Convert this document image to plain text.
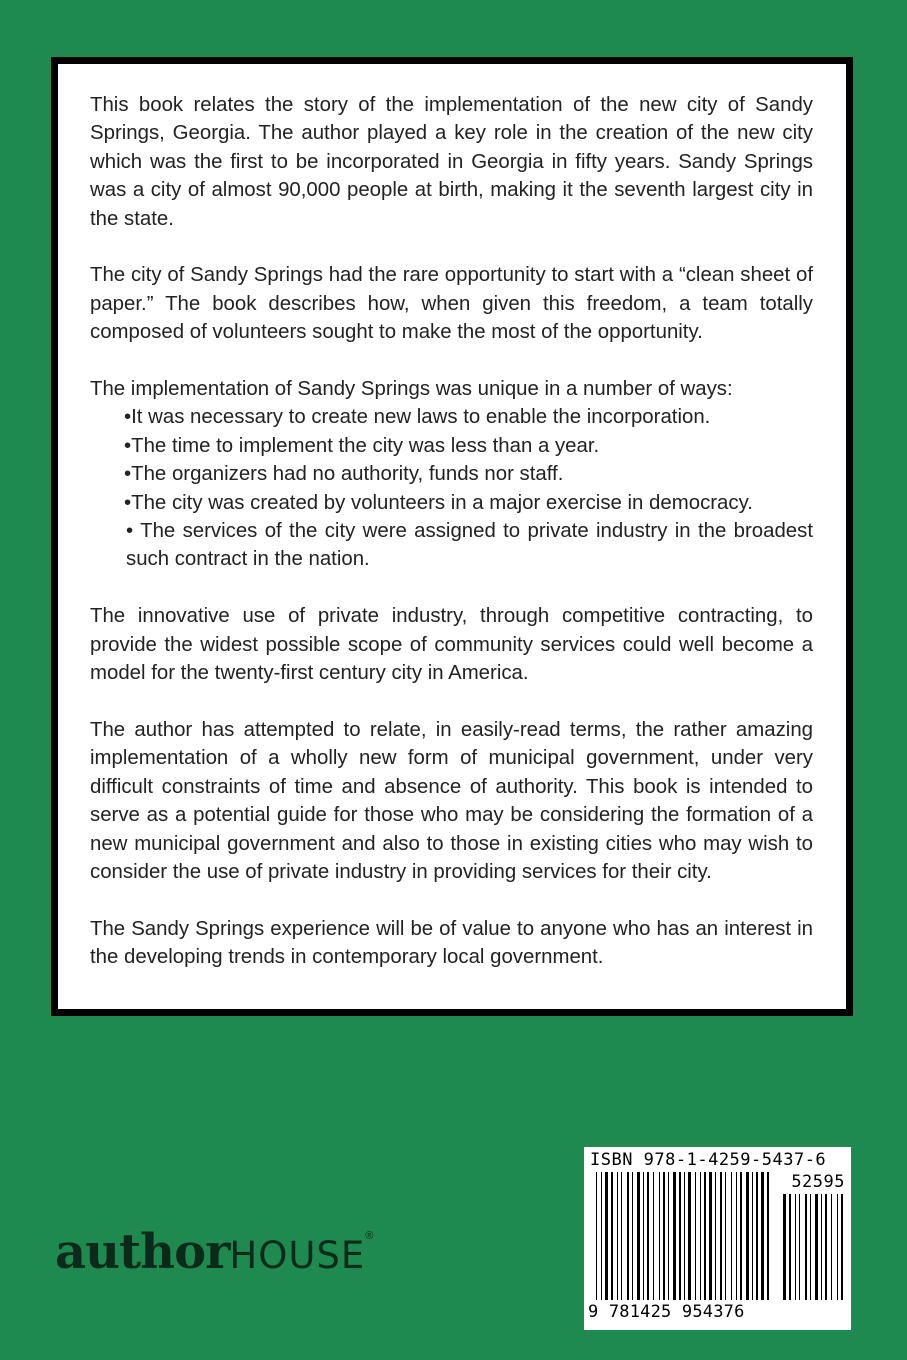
This book relates the story of the implementation of the new city of Sandy Springs, Georgia. The author played a key role in the creation of the new city which was the first to be incorporated in Georgia in fifty years. Sandy Springs was a city of almost 90,000 people at birth, making it the seventh largest city in the state.

The city of Sandy Springs had the rare opportunity to start with a “clean sheet of paper.” The book describes how, when given this freedom, a team totally composed of volunteers sought to make the most of the opportunity.

The implementation of Sandy Springs was unique in a number of ways:

•It was necessary to create new laws to enable the incorporation.
•The time to implement the city was less than a year.
•The organizers had no authority, funds nor staff.
•The city was created by volunteers in a major exercise in democracy.
• The services of the city were assigned to private industry in the broadest such contract in the nation.

The innovative use of private industry, through competitive contracting, to provide the widest possible scope of community services could well become a model for the twenty-first century city in America.

The author has attempted to relate, in easily-read terms, the rather amazing implementation of a wholly new form of municipal government, under very difficult constraints of time and absence of authority. This book is intended to serve as a potential guide for those who may be considering the formation of a new municipal government and also to those in existing cities who may wish to consider the use of private industry in providing services for their city.

The Sandy Springs experience will be of value to anyone who has an interest in the developing trends in contemporary local government.

authorHOUSE®
ISBN 978-1-4259-5437-6
52595
9 781425 954376
